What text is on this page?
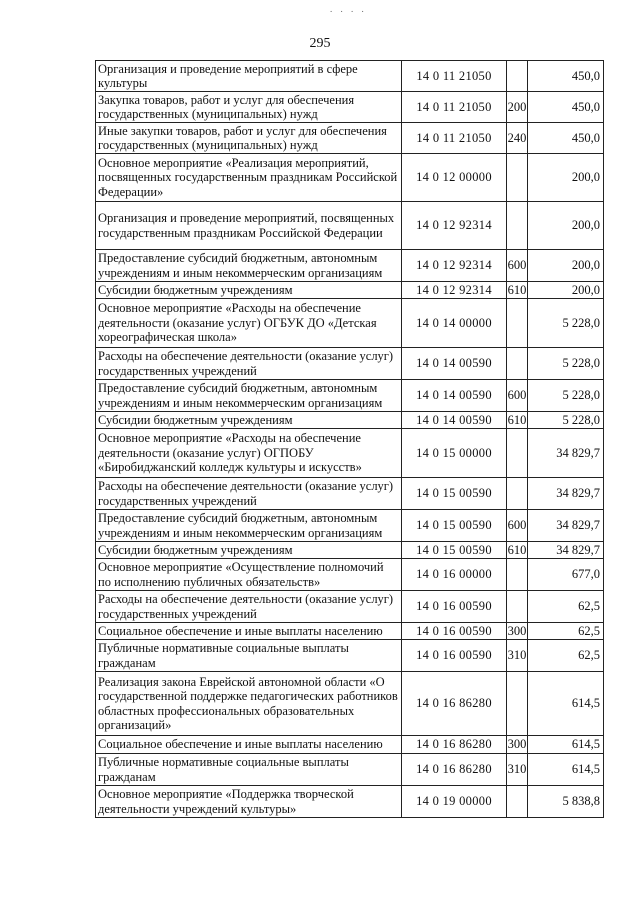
. . . .
295
Организация и проведение мероприятий в сфере культуры	14 0 11 21050		450,0
Закупка товаров, работ и услуг для обеспечения государственных (муниципальных) нужд	14 0 11 21050	200	450,0
Иные закупки товаров, работ и услуг для обеспечения государственных (муниципальных) нужд	14 0 11 21050	240	450,0
Основное мероприятие «Реализация мероприятий, посвященных государственным праздникам Российской Федерации»	14 0 12 00000		200,0
Организация и проведение мероприятий, посвященных государственным праздникам Российской Федерации	14 0 12 92314		200,0
Предоставление субсидий бюджетным, автономным учреждениям и иным некоммерческим организациям	14 0 12 92314	600	200,0
Субсидии бюджетным учреждениям	14 0 12 92314	610	200,0
Основное мероприятие «Расходы на обеспечение деятельности (оказание услуг) ОГБУК ДО «Детская хореографическая школа»	14 0 14 00000		5 228,0
Расходы на обеспечение деятельности (оказание услуг) государственных учреждений	14 0 14 00590		5 228,0
Предоставление субсидий бюджетным, автономным учреждениям и иным некоммерческим организациям	14 0 14 00590	600	5 228,0
Субсидии бюджетным учреждениям	14 0 14 00590	610	5 228,0
Основное мероприятие «Расходы на обеспечение деятельности (оказание услуг) ОГПОБУ «Биробиджанский колледж культуры и искусств»	14 0 15 00000		34 829,7
Расходы на обеспечение деятельности (оказание услуг) государственных учреждений	14 0 15 00590		34 829,7
Предоставление субсидий бюджетным, автономным учреждениям и иным некоммерческим организациям	14 0 15 00590	600	34 829,7
Субсидии бюджетным учреждениям	14 0 15 00590	610	34 829,7
Основное мероприятие «Осуществление полномочий по исполнению публичных обязательств»	14 0 16 00000		677,0
Расходы на обеспечение деятельности (оказание услуг) государственных учреждений	14 0 16 00590		62,5
Социальное обеспечение и иные выплаты населению	14 0 16 00590	300	62,5
Публичные нормативные социальные выплаты гражданам	14 0 16 00590	310	62,5
Реализация закона Еврейской автономной области «О государственной поддержке педагогических работников областных профессиональных образовательных организаций»	14 0 16 86280		614,5
Социальное обеспечение и иные выплаты населению	14 0 16 86280	300	614,5
Публичные нормативные социальные выплаты гражданам	14 0 16 86280	310	614,5
Основное мероприятие «Поддержка творческой деятельности учреждений культуры»	14 0 19 00000		5 838,8
